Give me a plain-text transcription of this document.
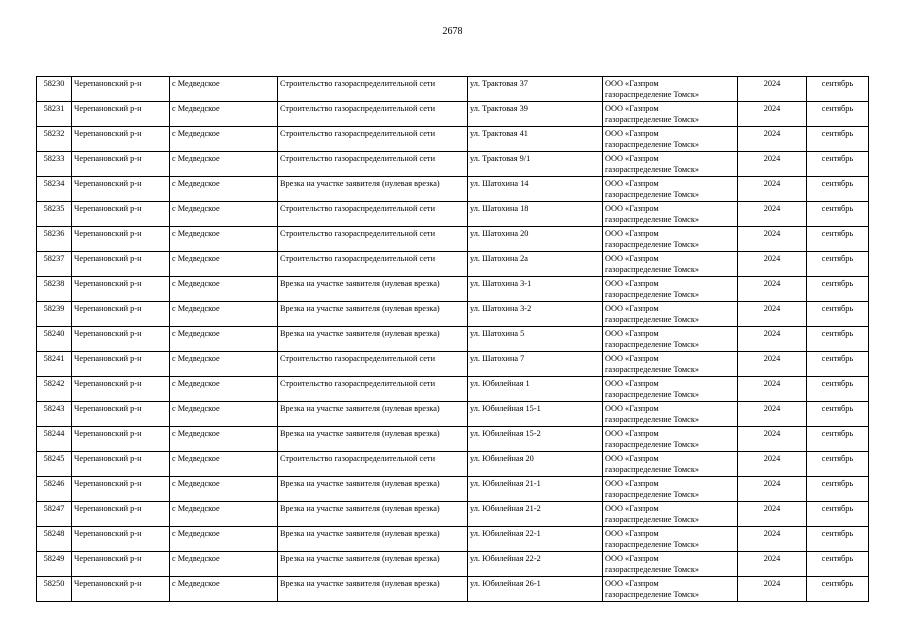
2678
58230	Черепановский р-н	с Медведское	Строительство газораспределительной сети	ул. Трактовая 37	ООО «Газпром
газораспределение Томск»	2024	сентябрь
58231	Черепановский р-н	с Медведское	Строительство газораспределительной сети	ул. Трактовая 39	ООО «Газпром
газораспределение Томск»	2024	сентябрь
58232	Черепановский р-н	с Медведское	Строительство газораспределительной сети	ул. Трактовая 41	ООО «Газпром
газораспределение Томск»	2024	сентябрь
58233	Черепановский р-н	с Медведское	Строительство газораспределительной сети	ул. Трактовая 9/1	ООО «Газпром
газораспределение Томск»	2024	сентябрь
58234	Черепановский р-н	с Медведское	Врезка на участке заявителя (нулевая врезка)	ул. Шатохина 14	ООО «Газпром
газораспределение Томск»	2024	сентябрь
58235	Черепановский р-н	с Медведское	Строительство газораспределительной сети	ул. Шатохина 18	ООО «Газпром
газораспределение Томск»	2024	сентябрь
58236	Черепановский р-н	с Медведское	Строительство газораспределительной сети	ул. Шатохина 20	ООО «Газпром
газораспределение Томск»	2024	сентябрь
58237	Черепановский р-н	с Медведское	Строительство газораспределительной сети	ул. Шатохина 2а	ООО «Газпром
газораспределение Томск»	2024	сентябрь
58238	Черепановский р-н	с Медведское	Врезка на участке заявителя (нулевая врезка)	ул. Шатохина 3-1	ООО «Газпром
газораспределение Томск»	2024	сентябрь
58239	Черепановский р-н	с Медведское	Врезка на участке заявителя (нулевая врезка)	ул. Шатохина 3-2	ООО «Газпром
газораспределение Томск»	2024	сентябрь
58240	Черепановский р-н	с Медведское	Врезка на участке заявителя (нулевая врезка)	ул. Шатохина 5	ООО «Газпром
газораспределение Томск»	2024	сентябрь
58241	Черепановский р-н	с Медведское	Строительство газораспределительной сети	ул. Шатохина 7	ООО «Газпром
газораспределение Томск»	2024	сентябрь
58242	Черепановский р-н	с Медведское	Строительство газораспределительной сети	ул. Юбилейная 1	ООО «Газпром
газораспределение Томск»	2024	сентябрь
58243	Черепановский р-н	с Медведское	Врезка на участке заявителя (нулевая врезка)	ул. Юбилейная 15-1	ООО «Газпром
газораспределение Томск»	2024	сентябрь
58244	Черепановский р-н	с Медведское	Врезка на участке заявителя (нулевая врезка)	ул. Юбилейная 15-2	ООО «Газпром
газораспределение Томск»	2024	сентябрь
58245	Черепановский р-н	с Медведское	Строительство газораспределительной сети	ул. Юбилейная 20	ООО «Газпром
газораспределение Томск»	2024	сентябрь
58246	Черепановский р-н	с Медведское	Врезка на участке заявителя (нулевая врезка)	ул. Юбилейная 21-1	ООО «Газпром
газораспределение Томск»	2024	сентябрь
58247	Черепановский р-н	с Медведское	Врезка на участке заявителя (нулевая врезка)	ул. Юбилейная 21-2	ООО «Газпром
газораспределение Томск»	2024	сентябрь
58248	Черепановский р-н	с Медведское	Врезка на участке заявителя (нулевая врезка)	ул. Юбилейная 22-1	ООО «Газпром
газораспределение Томск»	2024	сентябрь
58249	Черепановский р-н	с Медведское	Врезка на участке заявителя (нулевая врезка)	ул. Юбилейная 22-2	ООО «Газпром
газораспределение Томск»	2024	сентябрь
58250	Черепановский р-н	с Медведское	Врезка на участке заявителя (нулевая врезка)	ул. Юбилейная 26-1	ООО «Газпром
газораспределение Томск»	2024	сентябрь
